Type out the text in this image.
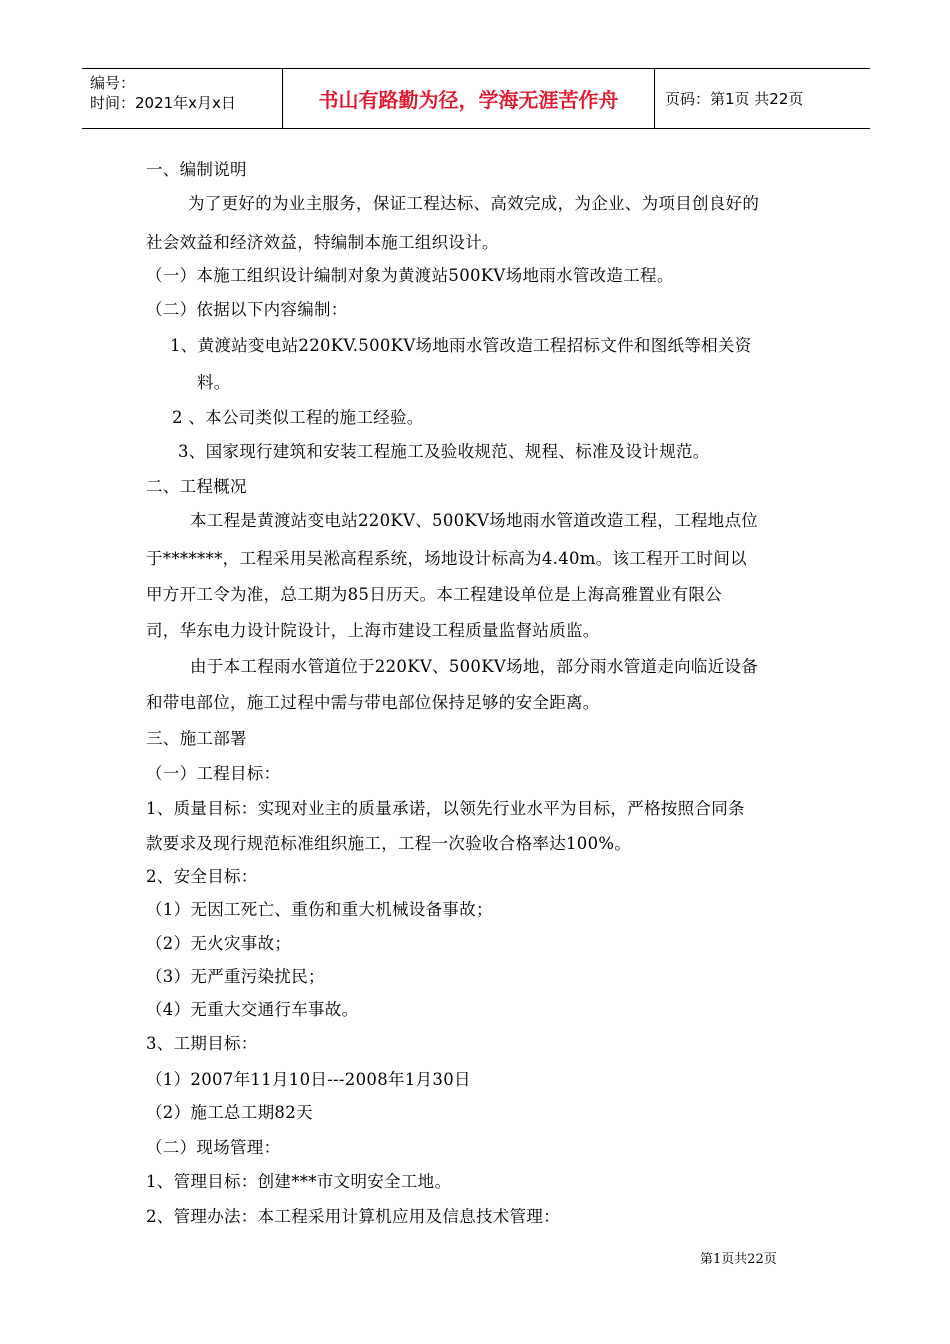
编号：
时间：2021年x月x日	书山有路勤为径，学海无涯苦作舟	页码：第1页 共22页
一、编制说明
为了更好的为业主服务，保证工程达标、高效完成，为企业、为项目创良好的
社会效益和经济效益，特编制本施工组织设计。
（一）本施工组织设计编制对象为黄渡站500KV场地雨水管改造工程。
（二）依据以下内容编制：
1、黄渡站变电站220KV.500KV场地雨水管改造工程招标文件和图纸等相关资
料。
2 、本公司类似工程的施工经验。
3、国家现行建筑和安装工程施工及验收规范、规程、标准及设计规范。
二、工程概况
本工程是黄渡站变电站220KV、500KV场地雨水管道改造工程，工程地点位
于*******，工程采用吴淞高程系统，场地设计标高为4.40m。该工程开工时间以
甲方开工令为准，总工期为85日历天。本工程建设单位是上海高雅置业有限公
司，华东电力设计院设计，上海市建设工程质量监督站质监。
由于本工程雨水管道位于220KV、500KV场地，部分雨水管道走向临近设备
和带电部位，施工过程中需与带电部位保持足够的安全距离。
三、施工部署
（一）工程目标：
1、质量目标：实现对业主的质量承诺，以领先行业水平为目标，严格按照合同条
款要求及现行规范标准组织施工，工程一次验收合格率达100%。
2、安全目标：
（1）无因工死亡、重伤和重大机械设备事故；
（2）无火灾事故；
（3）无严重污染扰民；
（4）无重大交通行车事故。
3、工期目标：
（1）2007年11月10日---2008年1月30日
（2）施工总工期82天
（二）现场管理：
1、管理目标：创建***市文明安全工地。
2、管理办法：本工程采用计算机应用及信息技术管理：
第1页共22页
